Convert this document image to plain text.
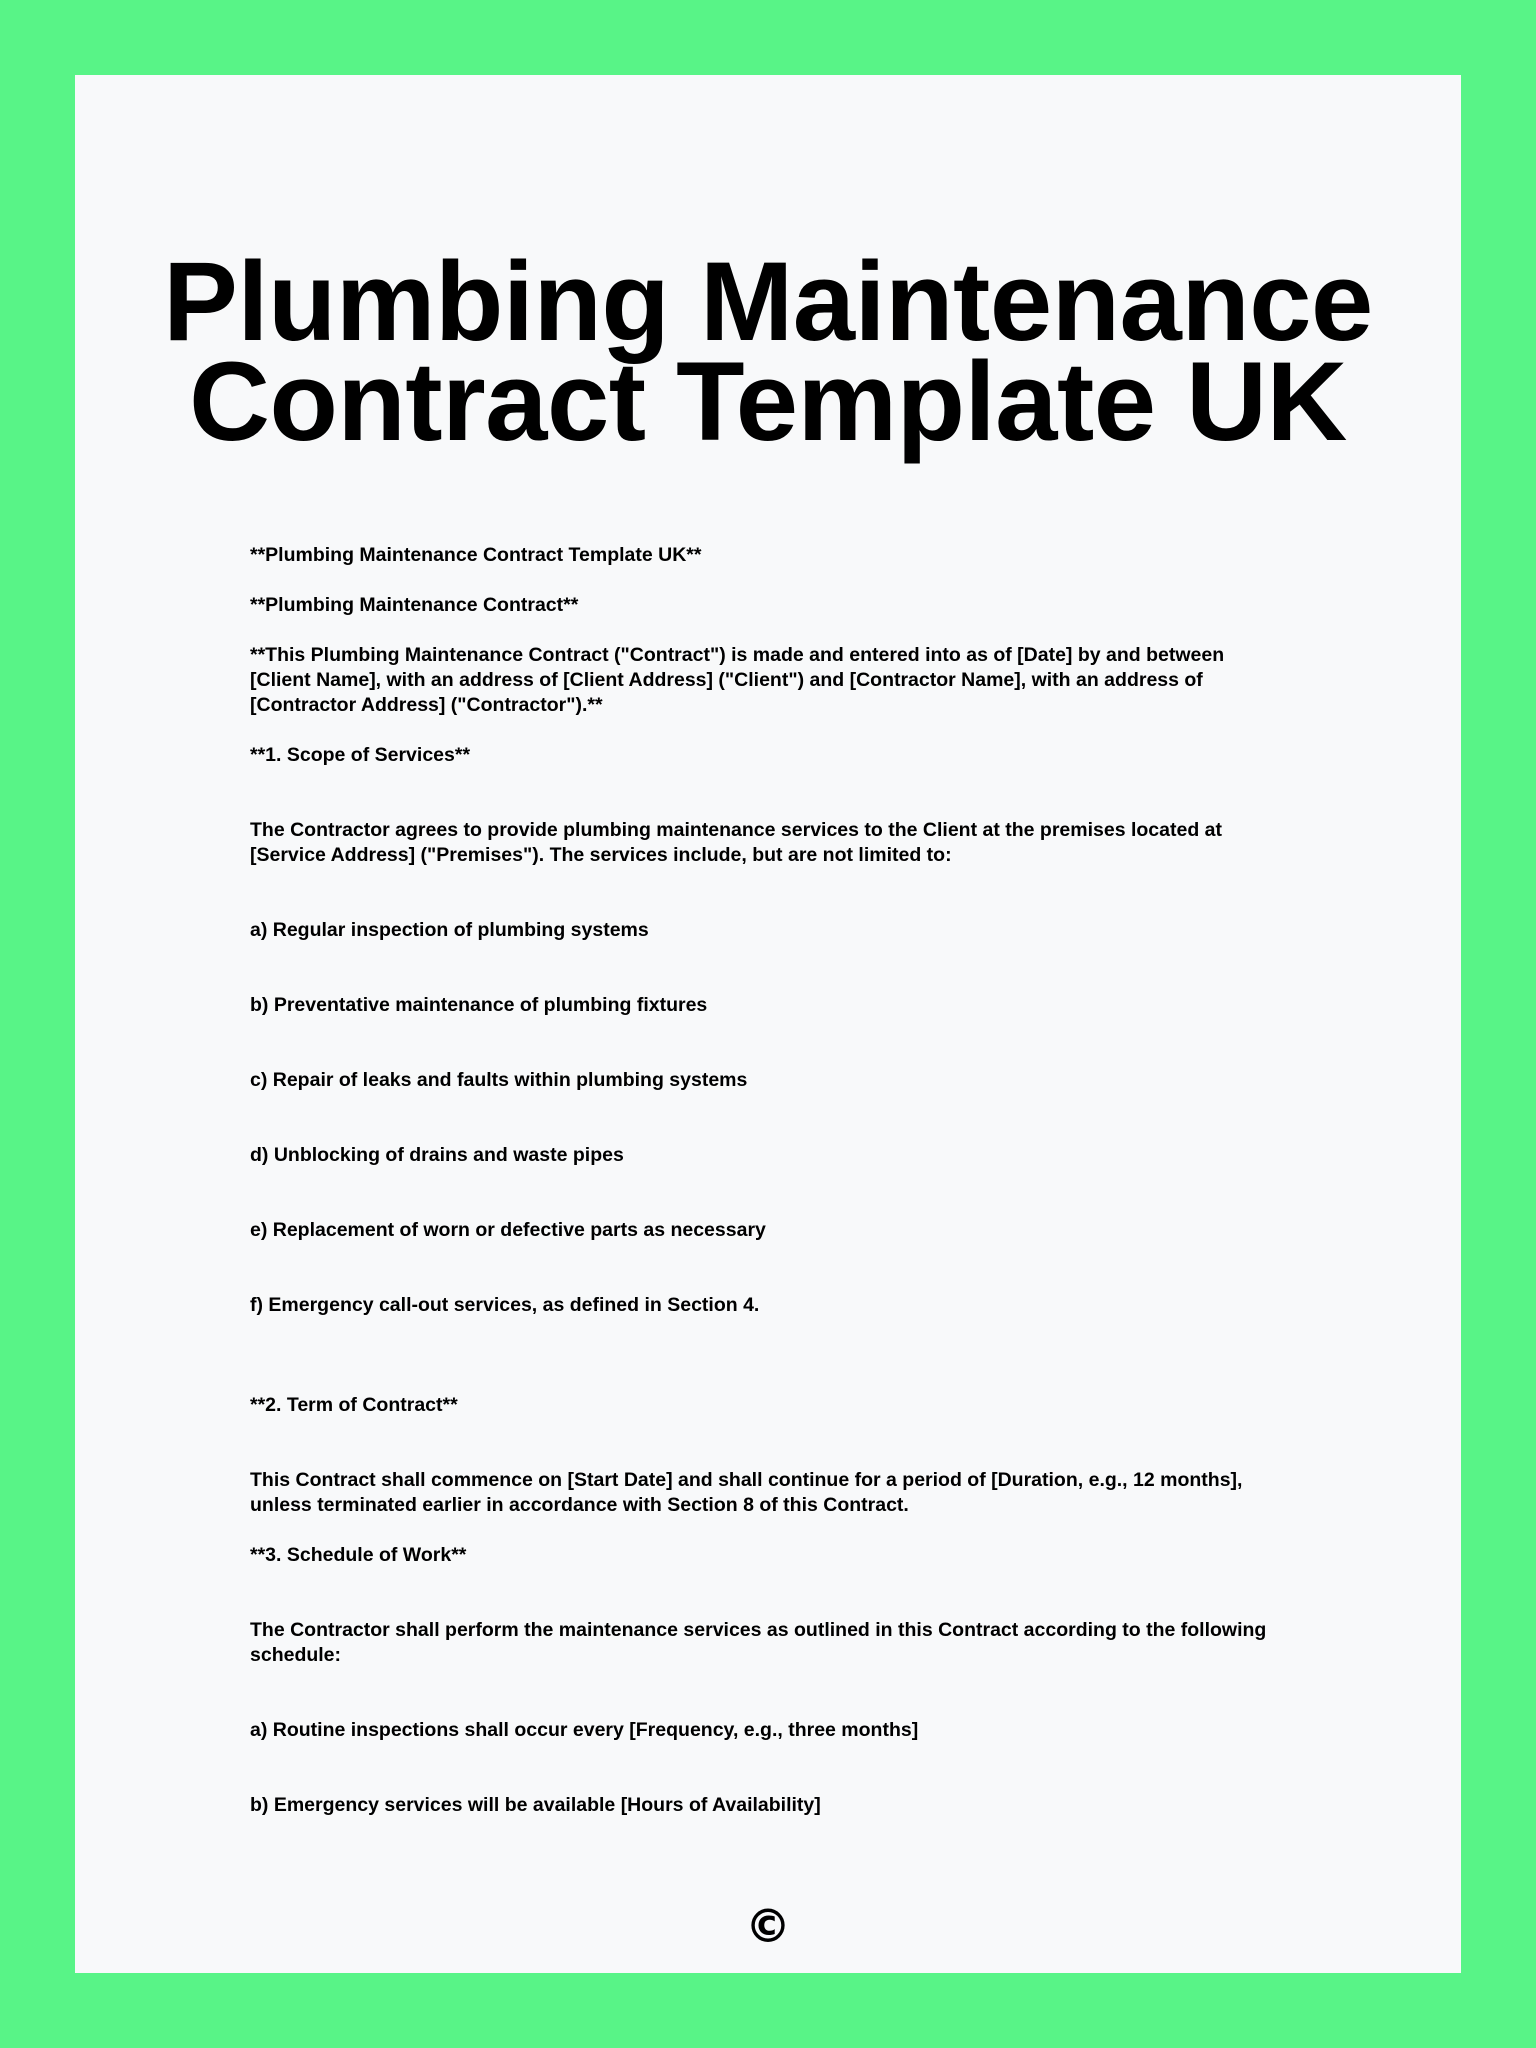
Plumbing Maintenance
Contract Template UK

**Plumbing Maintenance Contract Template UK**

**Plumbing Maintenance Contract**

**This Plumbing Maintenance Contract ("Contract") is made and entered into as of [Date] by and between [Client Name], with an address of [Client Address] ("Client") and [Contractor Name], with an address of [Contractor Address] ("Contractor").**

**1. Scope of Services**

The Contractor agrees to provide plumbing maintenance services to the Client at the premises located at [Service Address] ("Premises"). The services include, but are not limited to:

a) Regular inspection of plumbing systems

b) Preventative maintenance of plumbing fixtures

c) Repair of leaks and faults within plumbing systems

d) Unblocking of drains and waste pipes

e) Replacement of worn or defective parts as necessary

f) Emergency call-out services, as defined in Section 4.

**2. Term of Contract**

This Contract shall commence on [Start Date] and shall continue for a period of [Duration, e.g., 12 months], unless terminated earlier in accordance with Section 8 of this Contract.

**3. Schedule of Work**

The Contractor shall perform the maintenance services as outlined in this Contract according to the following schedule:

a) Routine inspections shall occur every [Frequency, e.g., three months]

b) Emergency services will be available [Hours of Availability]

©
